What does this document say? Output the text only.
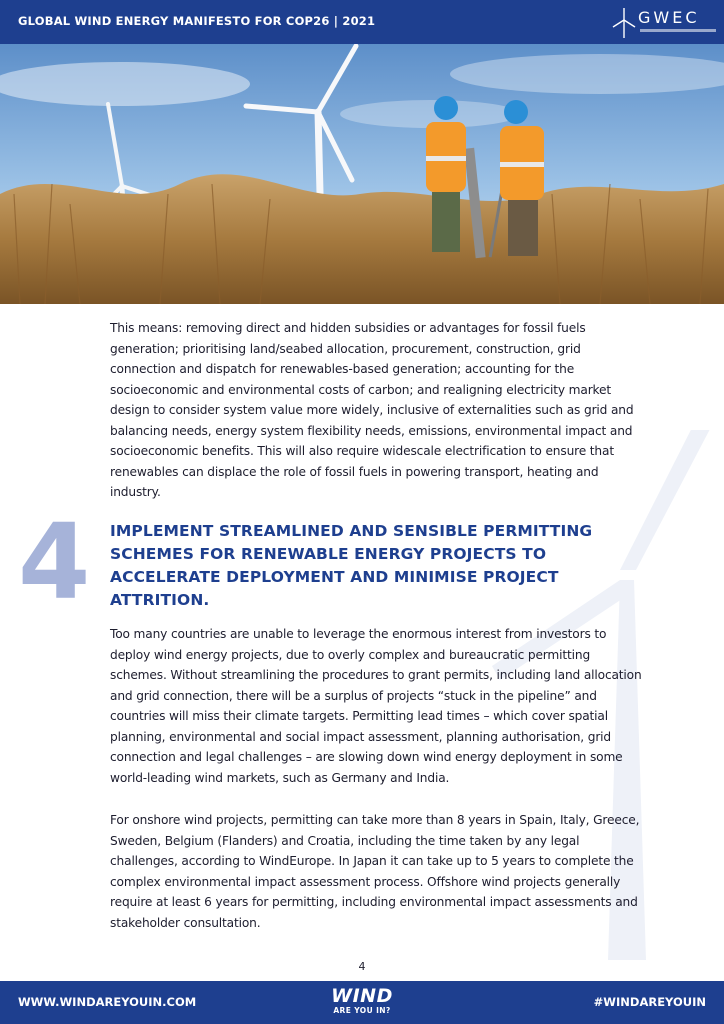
GLOBAL WIND ENERGY MANIFESTO FOR COP26 | 2021	GWEC

This means: removing direct and hidden subsidies or advantages for fossil fuels generation; prioritising land/seabed allocation, procurement, construction, grid connection and dispatch for renewables-based generation; accounting for the socioeconomic and environmental costs of carbon; and realigning electricity market design to consider system value more widely, inclusive of externalities such as grid and balancing needs, energy system flexibility needs, emissions, environmental impact and socioeconomic benefits. This will also require widescale electrification to ensure that renewables can displace the role of fossil fuels in powering transport, heating and industry.

4	IMPLEMENT STREAMLINED AND SENSIBLE PERMITTING SCHEMES FOR RENEWABLE ENERGY PROJECTS TO ACCELERATE DEPLOYMENT AND MINIMISE PROJECT ATTRITION.

Too many countries are unable to leverage the enormous interest from investors to deploy wind energy projects, due to overly complex and bureaucratic permitting schemes. Without streamlining the procedures to grant permits, including land allocation and grid connection, there will be a surplus of projects “stuck in the pipeline” and countries will miss their climate targets. Permitting lead times – which cover spatial planning, environmental and social impact assessment, planning authorisation, grid connection and legal challenges – are slowing down wind energy deployment in some world-leading wind markets, such as Germany and India.

For onshore wind projects, permitting can take more than 8 years in Spain, Italy, Greece, Sweden, Belgium (Flanders) and Croatia, including the time taken by any legal challenges, according to WindEurope. In Japan it can take up to 5 years to complete the complex environmental impact assessment process. Offshore wind projects generally require at least 6 years for permitting, including environmental impact assessments and stakeholder consultation.

4
WWW.WINDAREYOUIN.COM	WIND
ARE YOU IN?
#WINDAREYOUIN
